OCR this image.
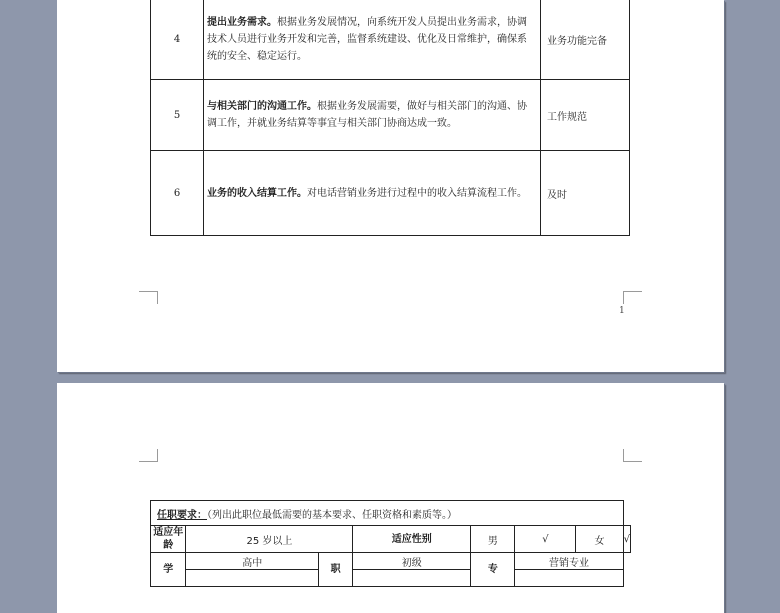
4	提出业务需求。根据业务发展情况，向系统开发人员提出业务需求，协调技术人员进行业务开发和完善，监督系统建设、优化及日常维护，确保系统的安全、稳定运行。	业务功能完备
5	与相关部门的沟通工作。根据业务发展需要，做好与相关部门的沟通、协调工作，并就业务结算等事宜与相关部门协商达成一致。	工作规范
6	业务的收入结算工作。对电话营销业务进行过程中的收入结算流程工作。	及时
1
任职要求：（列出此职位最低需要的基本要求、任职资格和素质等。）							
适应年龄	25 岁以上		适应性别	男	√	女	√
学	高中	职	初级	专	营销专业		
